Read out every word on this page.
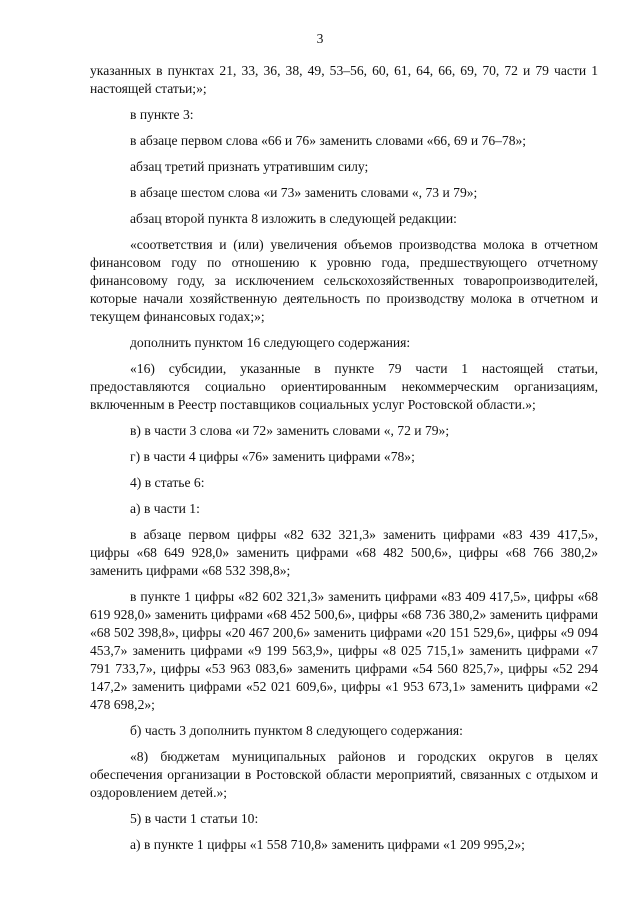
3

указанных в пунктах 21, 33, 36, 38, 49, 53–56, 60, 61, 64, 66, 69, 70, 72 и 79 части 1 настоящей статьи;»;

в пункте 3:

в абзаце первом слова «66 и 76» заменить словами «66, 69 и 76–78»;

абзац третий признать утратившим силу;

в абзаце шестом слова «и 73» заменить словами «, 73 и 79»;

абзац второй пункта 8 изложить в следующей редакции:

«соответствия и (или) увеличения объемов производства молока в отчетном финансовом году по отношению к уровню года, предшествующего отчетному финансовому году, за исключением сельскохозяйственных товаропроизводителей, которые начали хозяйственную деятельность по производству молока в отчетном и текущем финансовых годах;»;

дополнить пунктом 16 следующего содержания:

«16) субсидии, указанные в пункте 79 части 1 настоящей статьи, предоставляются социально ориентированным некоммерческим организациям, включенным в Реестр поставщиков социальных услуг Ростовской области.»;

в) в части 3 слова «и 72» заменить словами «, 72 и 79»;

г) в части 4 цифры «76» заменить цифрами «78»;

4) в статье 6:

а) в части 1:

в абзаце первом цифры «82 632 321,3» заменить цифрами «83 439 417,5», цифры «68 649 928,0» заменить цифрами «68 482 500,6», цифры «68 766 380,2» заменить цифрами «68 532 398,8»;

в пункте 1 цифры «82 602 321,3» заменить цифрами «83 409 417,5», цифры «68 619 928,0» заменить цифрами «68 452 500,6», цифры «68 736 380,2» заменить цифрами «68 502 398,8», цифры «20 467 200,6» заменить цифрами «20 151 529,6», цифры «9 094 453,7» заменить цифрами «9 199 563,9», цифры «8 025 715,1» заменить цифрами «7 791 733,7», цифры «53 963 083,6» заменить цифрами «54 560 825,7», цифры «52 294 147,2» заменить цифрами «52 021 609,6», цифры «1 953 673,1» заменить цифрами «2 478 698,2»;

б) часть 3 дополнить пунктом 8 следующего содержания:

«8) бюджетам муниципальных районов и городских округов в целях обеспечения организации в Ростовской области мероприятий, связанных с отдыхом и оздоровлением детей.»;

5) в части 1 статьи 10:

а) в пункте 1 цифры «1 558 710,8» заменить цифрами «1 209 995,2»;
